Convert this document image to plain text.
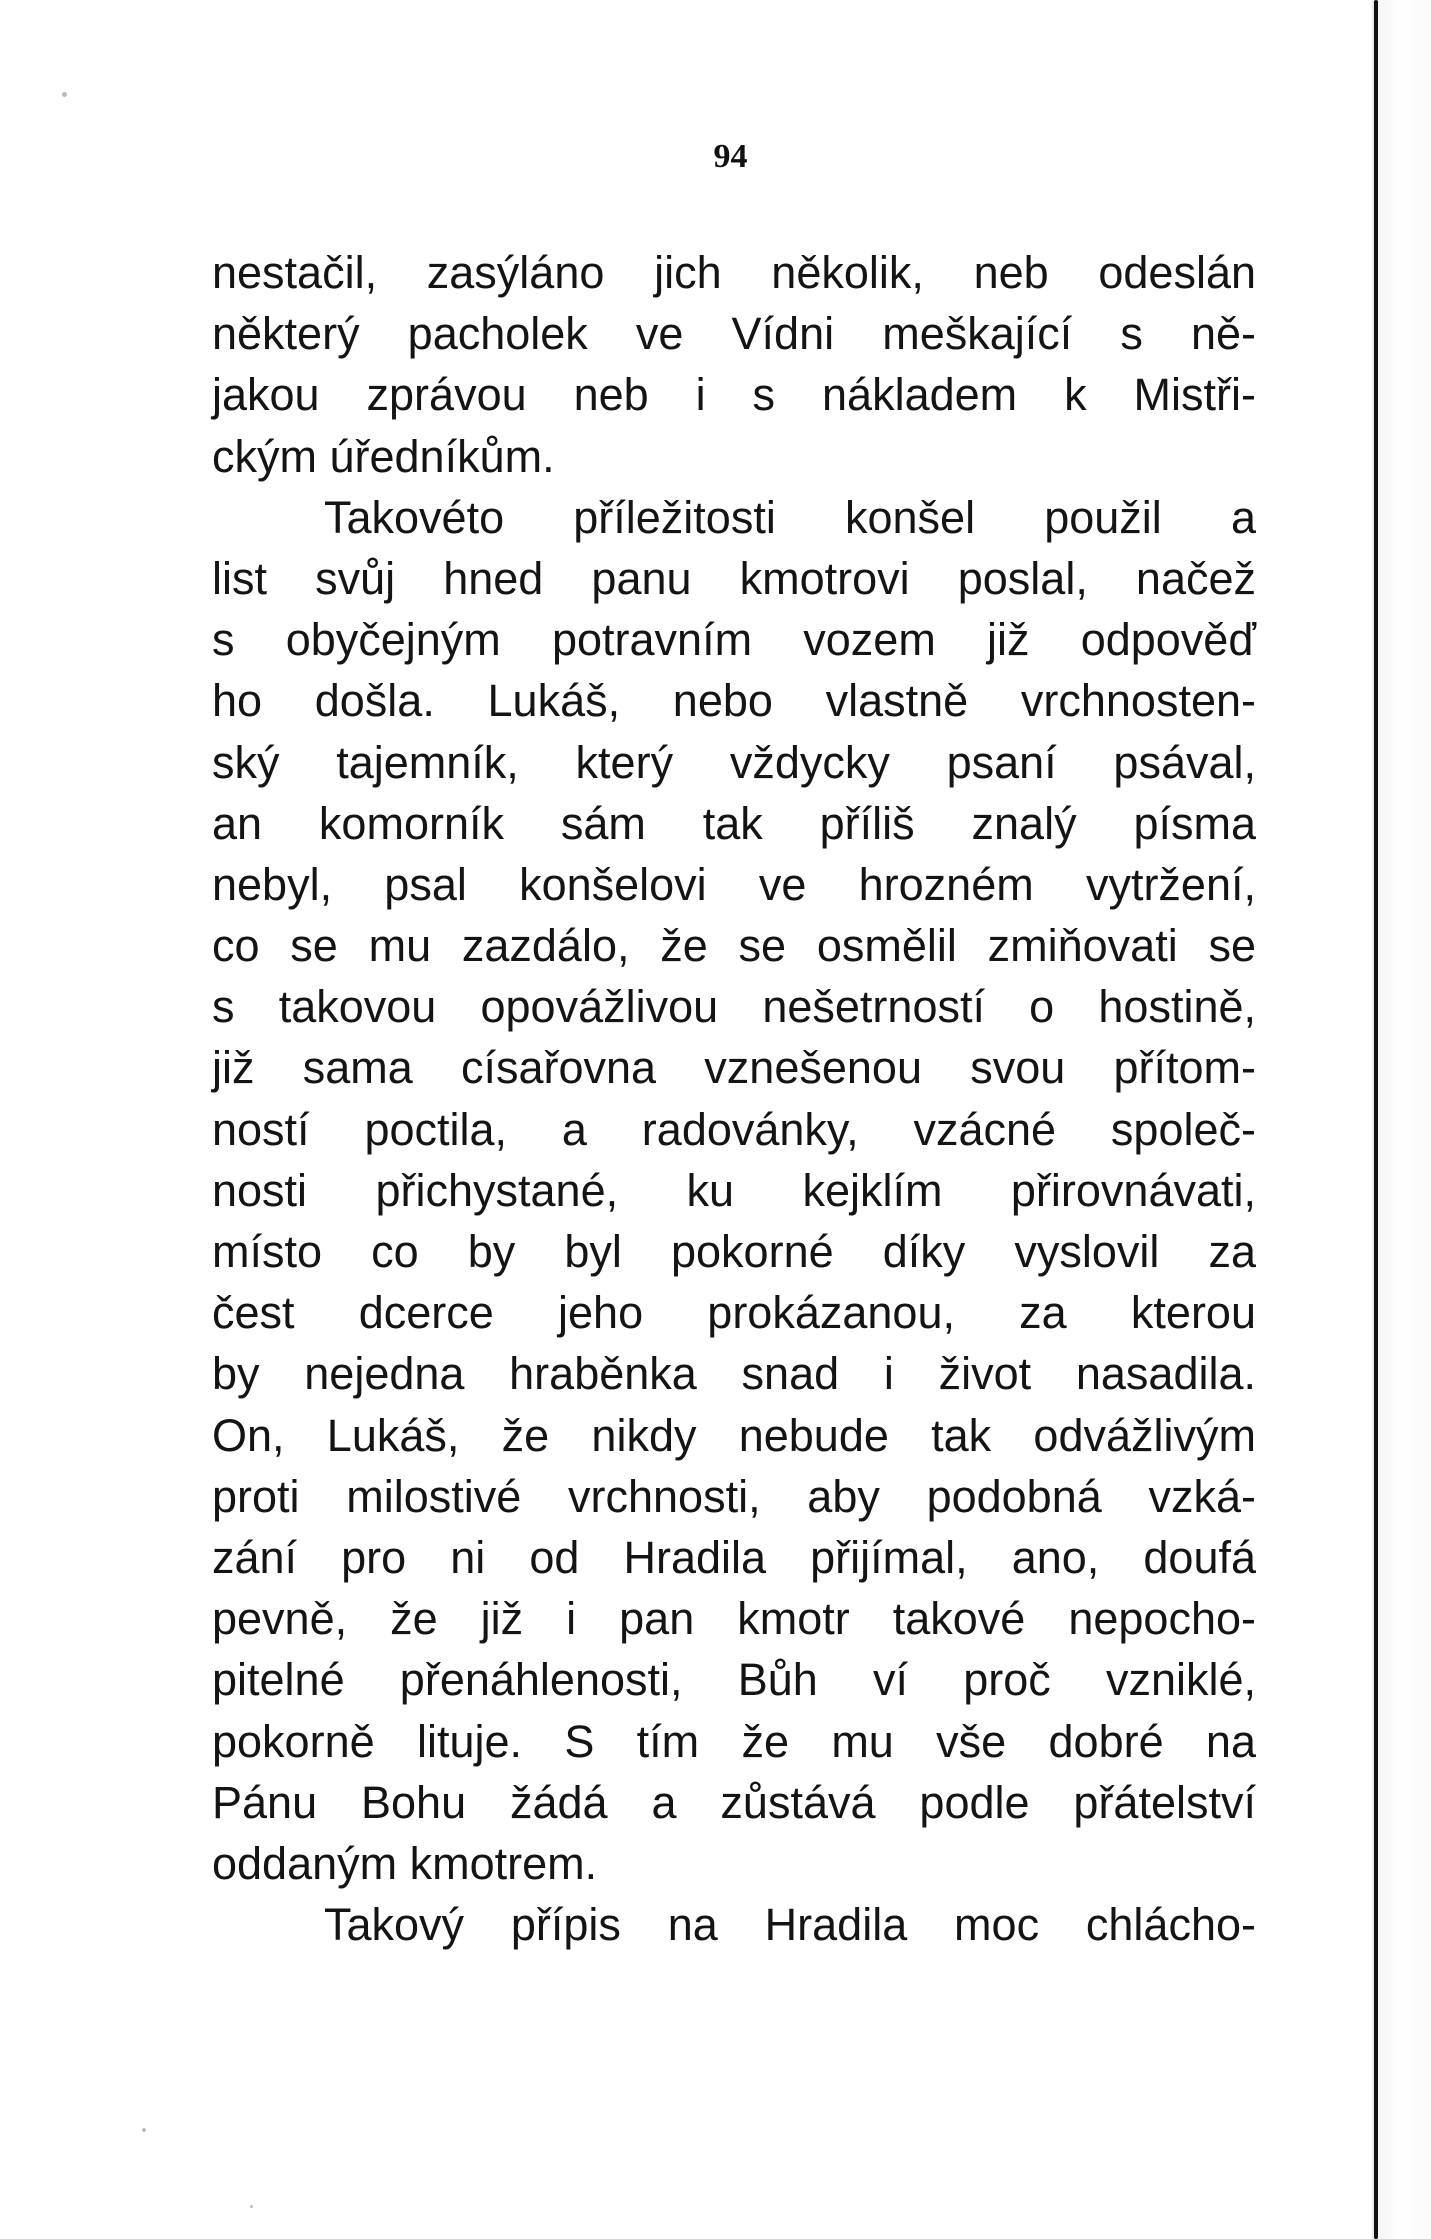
94
nestačil, zasýláno jich několik, neb odeslán
některý pacholek ve Vídni meškající s ně-
jakou zprávou neb i s nákladem k Mistři-
ckým úředníkům.
Takovéto příležitosti konšel použil a
list svůj hned panu kmotrovi poslal, načež
s obyčejným potravním vozem již odpověď
ho došla. Lukáš, nebo vlastně vrchnosten-
ský tajemník, který vždycky psaní psával,
an komorník sám tak příliš znalý písma
nebyl, psal konšelovi ve hrozném vytržení,
co se mu zazdálo, že se osmělil zmiňovati se
s takovou opovážlivou nešetrností o hostině,
již sama císařovna vznešenou svou přítom-
ností poctila, a radovánky, vzácné společ-
nosti přichystané, ku kejklím přirovnávati,
místo co by byl pokorné díky vyslovil za
čest dcerce jeho prokázanou, za kterou
by nejedna hraběnka snad i život nasadila.
On, Lukáš, že nikdy nebude tak odvážlivým
proti milostivé vrchnosti, aby podobná vzká-
zání pro ni od Hradila přijímal, ano, doufá
pevně, že již i pan kmotr takové nepocho-
pitelné přenáhlenosti, Bůh ví proč vzniklé,
pokorně lituje. S tím že mu vše dobré na
Pánu Bohu žádá a zůstává podle přátelství
oddaným kmotrem.
Takový přípis na Hradila moc chlácho-
